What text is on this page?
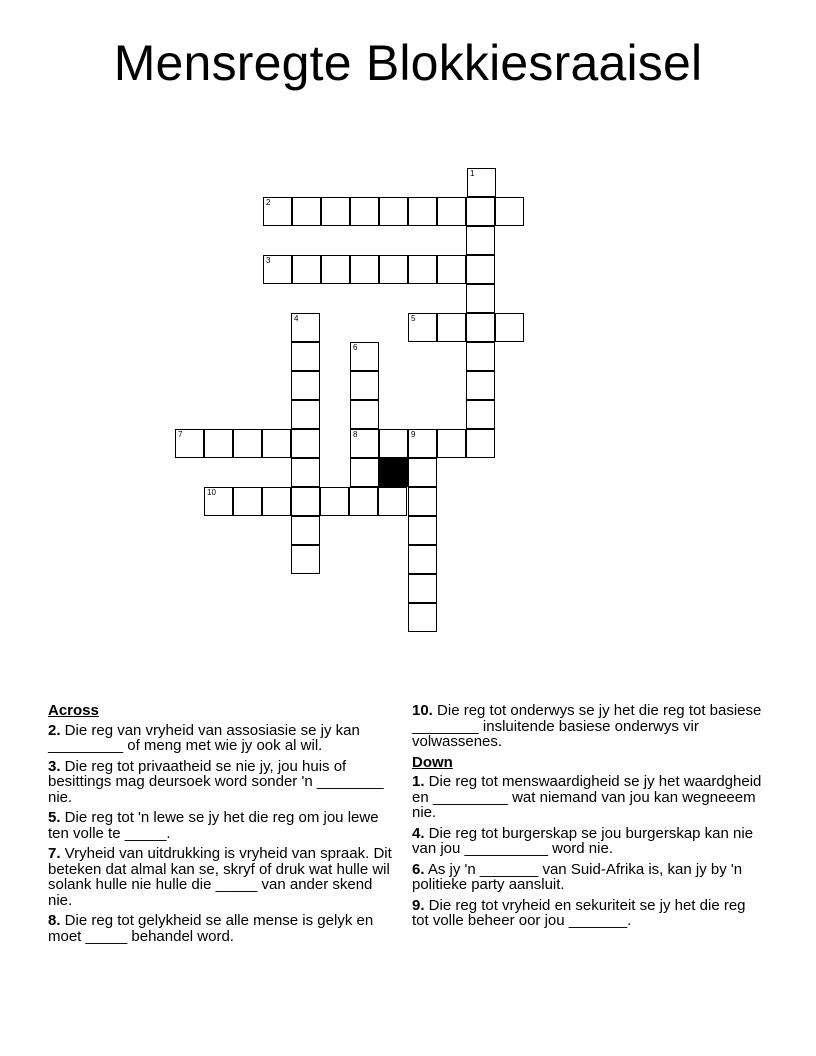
Mensregte Blokkiesraaisel
1
2
3
4	5
6
7	8	9
10
Across
2. Die reg van vryheid van assosiasie se jy kan _________ of meng met wie jy ook al wil.
3. Die reg tot privaatheid se nie jy, jou huis of besittings mag deursoek word sonder 'n ________ nie.
5. Die reg tot 'n lewe se jy het die reg om jou lewe ten volle te _____.
7. Vryheid van uitdrukking is vryheid van spraak. Dit beteken dat almal kan se, skryf of druk wat hulle wil solank hulle nie hulle die _____ van ander skend nie.
8. Die reg tot gelykheid se alle mense is gelyk en moet _____ behandel word.
10. Die reg tot onderwys se jy het die reg tot basiese ________ insluitende basiese onderwys vir volwassenes.
Down
1. Die reg tot menswaardigheid se jy het waardgheid en _________ wat niemand van jou kan wegneeem nie.
4. Die reg tot burgerskap se jou burgerskap kan nie van jou __________ word nie.
6. As jy 'n _______ van Suid-Afrika is, kan jy by 'n politieke party aansluit.
9. Die reg tot vryheid en sekuriteit se jy het die reg tot volle beheer oor jou _______.
